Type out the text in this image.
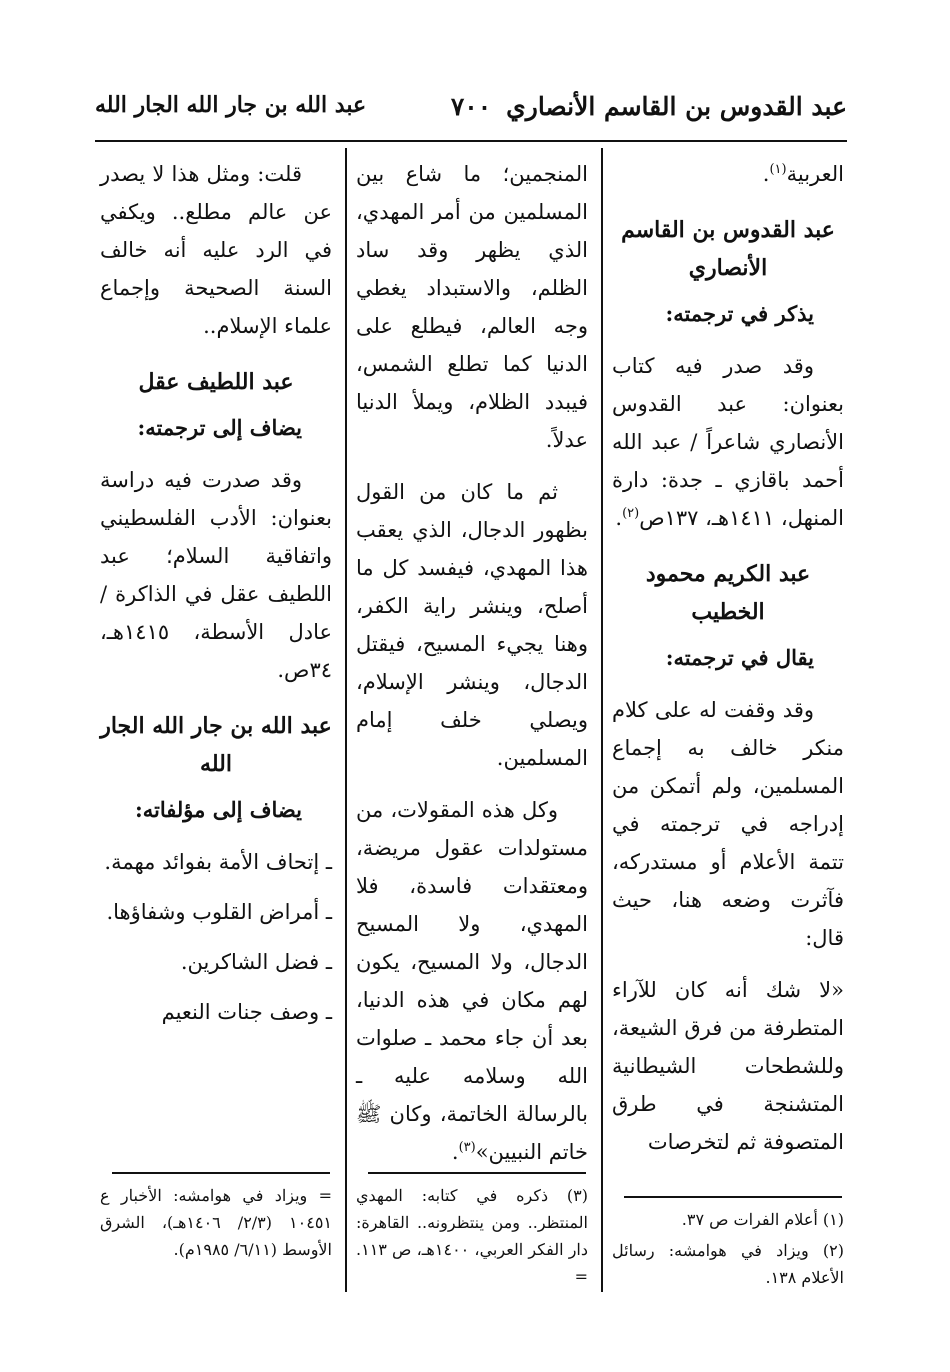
عبد القدوس بن القاسم الأنصاري
٧٠٠
عبد الله بن جار الله الجار الله

العربية$^{(١)}$.

عبد القدوس بن القاسم الأنصاري

يذكر في ترجمته:

وقد صدر فيه كتاب بعنوان: عبد القدوس الأنصاري شاعراً / عبد الله أحمد باقازي ـ جدة: دارة المنهل، ١٤١١هـ، ١٣٧ص$^{(٢)}$.

عبد الكريم محمود الخطيب

يقال في ترجمته:

وقد وقفت له على كلام منكر خالف به إجماع المسلمين، ولم أتمكن من إدراجه في ترجمته في تتمة الأعلام أو مستدركه، فآثرت وضعه هنا، حيث قال:

«لا شك أنه كان للآراء المتطرفة من فرق الشيعة، وللشطحات الشيطانية المتشنجة في طرق المتصوفة ثم لتخرصات

المنجمين؛ ما شاع بين المسلمين من أمر المهدي، الذي يظهر وقد ساد الظلم، والاستبداد يغطي وجه العالم، فيطلع على الدنيا كما تطلع الشمس، فيبدد الظلام، ويملأ الدنيا عدلاً.

ثم ما كان من القول بظهور الدجال، الذي يعقب هذا المهدي، فيفسد كل ما أصلح، وينشر راية الكفر، وهنا يجيء المسيح، فيقتل الدجال، وينشر الإسلام، ويصلي خلف إمام المسلمين.

وكل هذه المقولات، من مستولدات عقول مريضة، ومعتقدات فاسدة، فلا المهدي، ولا المسيح الدجال، ولا المسيح، يكون لهم مكان في هذه الدنيا، بعد أن جاء محمد ـ صلوات الله وسلامه عليه ـ بالرسالة الخاتمة، وكان ﷺ خاتم النبيين»$^{(٣)}$.

قلت: ومثل هذا لا يصدر عن عالم مطلع.. ويكفي في الرد عليه أنه خالف السنة الصحيحة وإجماع علماء الإسلام..

عبد اللطيف عقل

يضاف إلى ترجمته:

وقد صدرت فيه دراسة بعنوان: الأدب الفلسطيني واتفاقية السلام؛ عبد اللطيف عقل في الذاكرة / عادل الأسطة، ١٤١٥هـ، ٣٤ص.

عبد الله بن جار الله الجار الله

يضاف إلى مؤلفاته:

ـ إتحاف الأمة بفوائد مهمة.

ـ أمراض القلوب وشفاؤها.

ـ فضل الشاكرين.

ـ وصف جنات النعيم

(١) أعلام الفرات ص ٣٧.

(٢) ويزاد في هوامشه: رسائل الأعلام ١٣٨.

(٣) ذكره في كتابه: المهدي المنتظر.. ومن ينتظرونه.. القاهرة: دار الفكر العربي، ١٤٠٠هـ، ص ١١٣. =

= ويزاد في هوامشه: الأخبار ع ١٠٤٥١ (٢/٣/ ١٤٠٦هـ)، الشرق الأوسط (٦/١١/ ١٩٨٥م).
